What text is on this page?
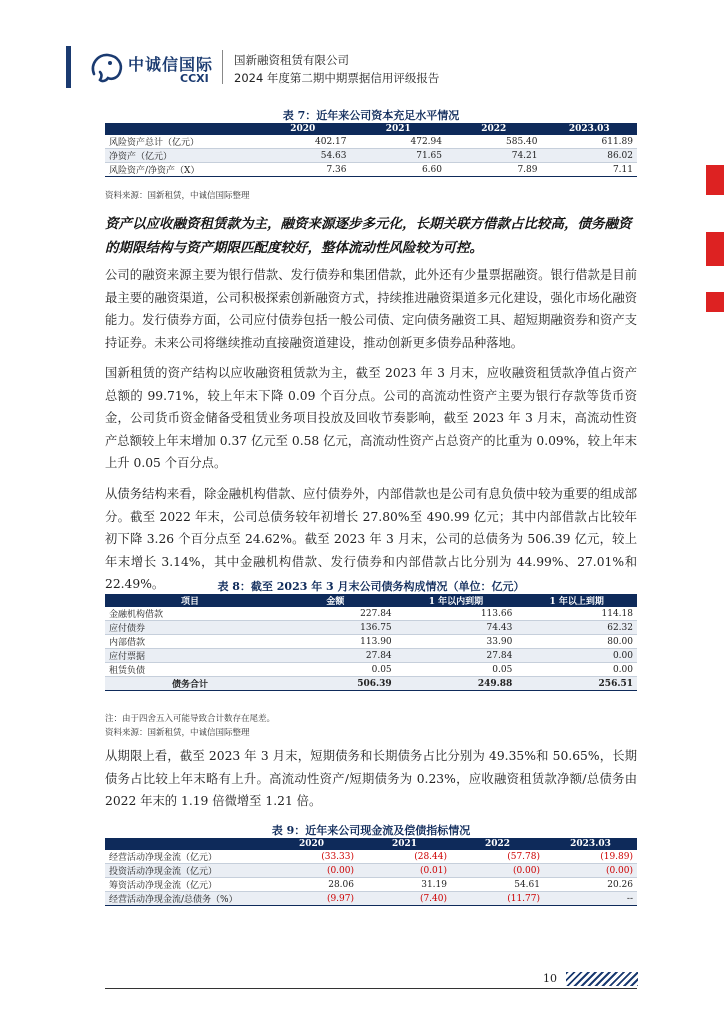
中诚信国际
CCXI
国新融资租赁有限公司
2024 年度第二期中期票据信用评级报告
表 7：近年来公司资本充足水平情况
	2020	2021	2022	2023.03
风险资产总计（亿元）	402.17	472.94	585.40	611.89
净资产（亿元）	54.63	71.65	74.21	86.02
风险资产/净资产（X）	7.36	6.60	7.89	7.11
资料来源：国新租赁，中诚信国际整理
资产以应收融资租赁款为主，融资来源逐步多元化，长期关联方借款占比较高，债务融资的期限结构与资产期限匹配度较好，整体流动性风险较为可控。
公司的融资来源主要为银行借款、发行债券和集团借款，此外还有少量票据融资。银行借款是目前最主要的融资渠道，公司积极探索创新融资方式，持续推进融资渠道多元化建设，强化市场化融资能力。发行债券方面，公司应付债券包括一般公司债、定向债务融资工具、超短期融资券和资产支持证券。未来公司将继续推动直接融资道建设，推动创新更多债券品种落地。
国新租赁的资产结构以应收融资租赁款为主，截至 2023 年 3 月末，应收融资租赁款净值占资产总额的 99.71%，较上年末下降 0.09 个百分点。公司的高流动性资产主要为银行存款等货币资金，公司货币资金储备受租赁业务项目投放及回收节奏影响，截至 2023 年 3 月末，高流动性资产总额较上年末增加 0.37 亿元至 0.58 亿元，高流动性资产占总资产的比重为 0.09%，较上年末上升 0.05 个百分点。
从债务结构来看，除金融机构借款、应付债券外，内部借款也是公司有息负债中较为重要的组成部分。截至 2022 年末，公司总债务较年初增长 27.80%至 490.99 亿元；其中内部借款占比较年初下降 3.26 个百分点至 24.62%。截至 2023 年 3 月末，公司的总债务为 506.39 亿元，较上年末增长 3.14%，其中金融机构借款、发行债券和内部借款占比分别为 44.99%、27.01%和 22.49%。	表 8：截至 2023 年 3 月末公司债务构成情况（单位：亿元）
项目	金额	1 年以内到期	1 年以上到期
金融机构借款	227.84	113.66	114.18
应付债券	136.75	74.43	62.32
内部借款	113.90	33.90	80.00
应付票据	27.84	27.84	0.00
租赁负债	0.05	0.05	0.00
债务合计	506.39	249.88	256.51
注：由于四舍五入可能导致合计数存在尾差。
资料来源：国新租赁，中诚信国际整理
从期限上看，截至 2023 年 3 月末，短期债务和长期债务占比分别为 49.35%和 50.65%，长期债务占比较上年末略有上升。高流动性资产/短期债务为 0.23%，应收融资租赁款净额/总债务由 2022 年末的 1.19 倍微增至 1.21 倍。
表 9：近年来公司现金流及偿债指标情况
	2020	2021	2022	2023.03
经营活动净现金流（亿元）	(33.33)	(28.44)	(57.78)	(19.89)
投资活动净现金流（亿元）	(0.00)	(0.01)	(0.00)	(0.00)
筹资活动净现金流（亿元）	28.06	31.19	54.61	20.26
经营活动净现金流/总债务（%）	(9.97)	(7.40)	(11.77)	--
10
